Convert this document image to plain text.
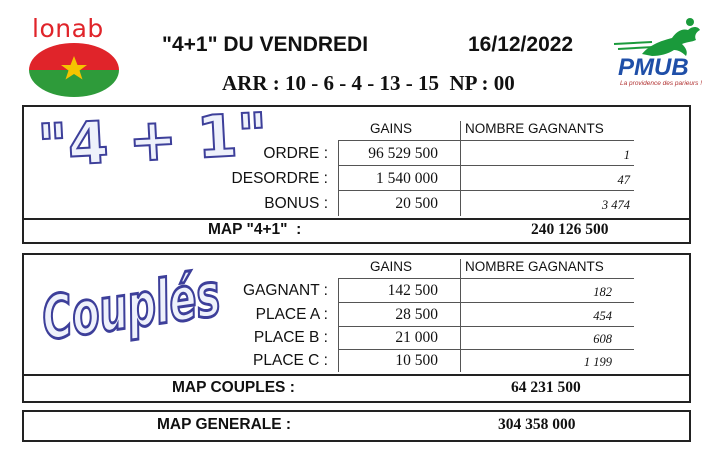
lonab
"4+1" DU VENDREDI	16/12/2022
ARR : 10 - 6 - 4 - 13 - 15  NP : 00
PMUB
La providence des parieurs !
"4 + 1"	GAINS	NOMBRE GAGNANTS
ORDRE :	96 529 500	1
DESORDRE :	1 540 000	47
BONUS :	20 500	3 474
MAP "4+1"  :	240 126 500
Couplés	GAINS	NOMBRE GAGNANTS
GAGNANT :	142 500	182
PLACE A :	28 500	454
PLACE B :	21 000	608
PLACE C :	10 500	1 199
MAP COUPLES :	64 231 500
MAP GENERALE :	304 358 000
